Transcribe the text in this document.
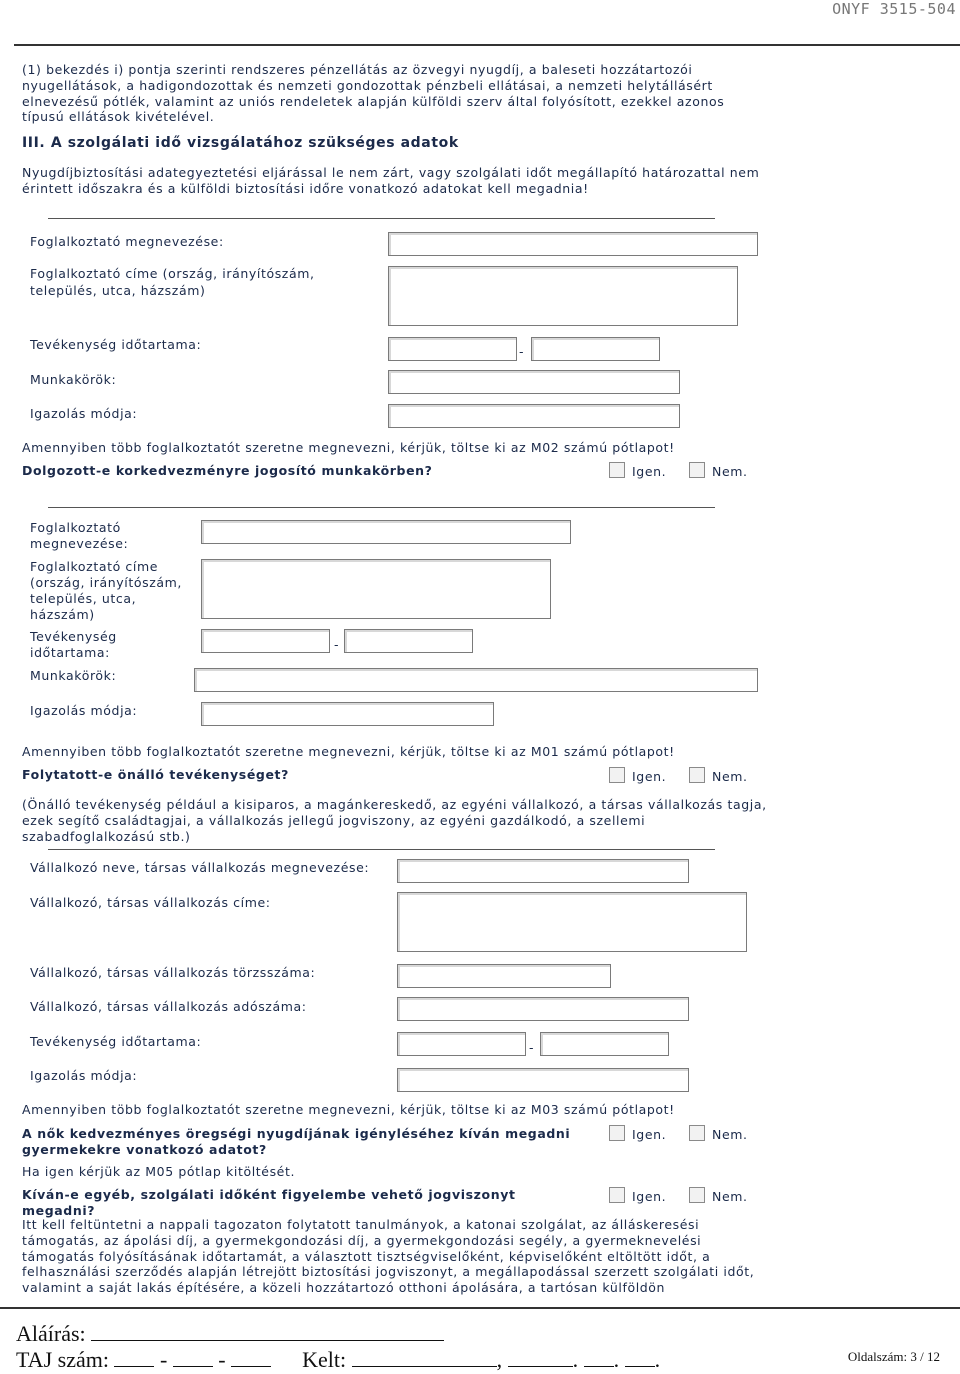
ONYF 3515-504
(1) bekezdés i) pontja szerinti rendszeres pénzellátás az özvegyi nyugdíj, a baleseti hozzátartozói nyugellátások, a hadigondozottak és nemzeti gondozottak pénzbeli ellátásai, a nemzeti helytállásért elnevezésű pótlék, valamint az uniós rendeletek alapján külföldi szerv által folyósított, ezekkel azonos típusú ellátások kivételével.
III. A szolgálati idő vizsgálatához szükséges adatok
Nyugdíjbiztosítási adategyeztetési eljárással le nem zárt, vagy szolgálati időt megállapító határozattal nem érintett időszakra és a külföldi biztosítási időre vonatkozó adatokat kell megadnia!
Foglalkoztató megnevezése:
Foglalkoztató címe (ország, irányítószám,
település, utca, házszám)
Tevékenység időtartama:	-
Munkakörök:
Igazolás módja:
Amennyiben több foglalkoztatót szeretne megnevezni, kérjük, töltse ki az M02 számú pótlapot!
Dolgozott-e korkedvezményre jogosító munkakörben?	Igen.	Nem.
Foglalkoztató
megnevezése:
Foglalkoztató címe
(ország, irányítószám,
település, utca,
házszám)
Tevékenység
időtartama:
-
Munkakörök:
Igazolás módja:
Amennyiben több foglalkoztatót szeretne megnevezni, kérjük, töltse ki az M01 számú pótlapot!
Folytatott-e önálló tevékenységet?	Igen.	Nem.
(Önálló tevékenység például a kisiparos, a magánkereskedő, az egyéni vállalkozó, a társas vállalkozás tagja, ezek segítő családtagjai, a vállalkozás jellegű jogviszony, az egyéni gazdálkodó, a szellemi szabadfoglalkozású stb.)
Vállalkozó neve, társas vállalkozás megnevezése:
Vállalkozó, társas vállalkozás címe:
Vállalkozó, társas vállalkozás törzsszáma:
Vállalkozó, társas vállalkozás adószáma:
Tevékenység időtartama:	-
Igazolás módja:
Amennyiben több foglalkoztatót szeretne megnevezni, kérjük, töltse ki az M03 számú pótlapot!
A nők kedvezményes öregségi nyugdíjának igényléséhez kíván megadni
gyermekekre vonatkozó adatot?
Igen.	Nem.
Ha igen kérjük az M05 pótlap kitöltését.
Kíván-e egyéb, szolgálati időként figyelembe vehető jogviszonyt megadni?
Igen.	Nem.
Itt kell feltüntetni a nappali tagozaton folytatott tanulmányok, a katonai szolgálat, az álláskeresési támogatás, az ápolási díj, a gyermekgondozási díj, a gyermekgondozási segély, a gyermeknevelési támogatás folyósításának időtartamát, a választott tisztségviselőként, képviselőként eltöltött időt, a felhasználási szerződés alapján létrejött biztosítási jogviszonyt, a megállapodással szerzett szolgálati időt, valamint a saját lakás építésére, a közeli hozzátartozó otthoni ápolására, a tartósan külföldön
Aláírás:
TAJ szám: - -	Kelt:	,	. . .	Oldalszám: 3 / 12
